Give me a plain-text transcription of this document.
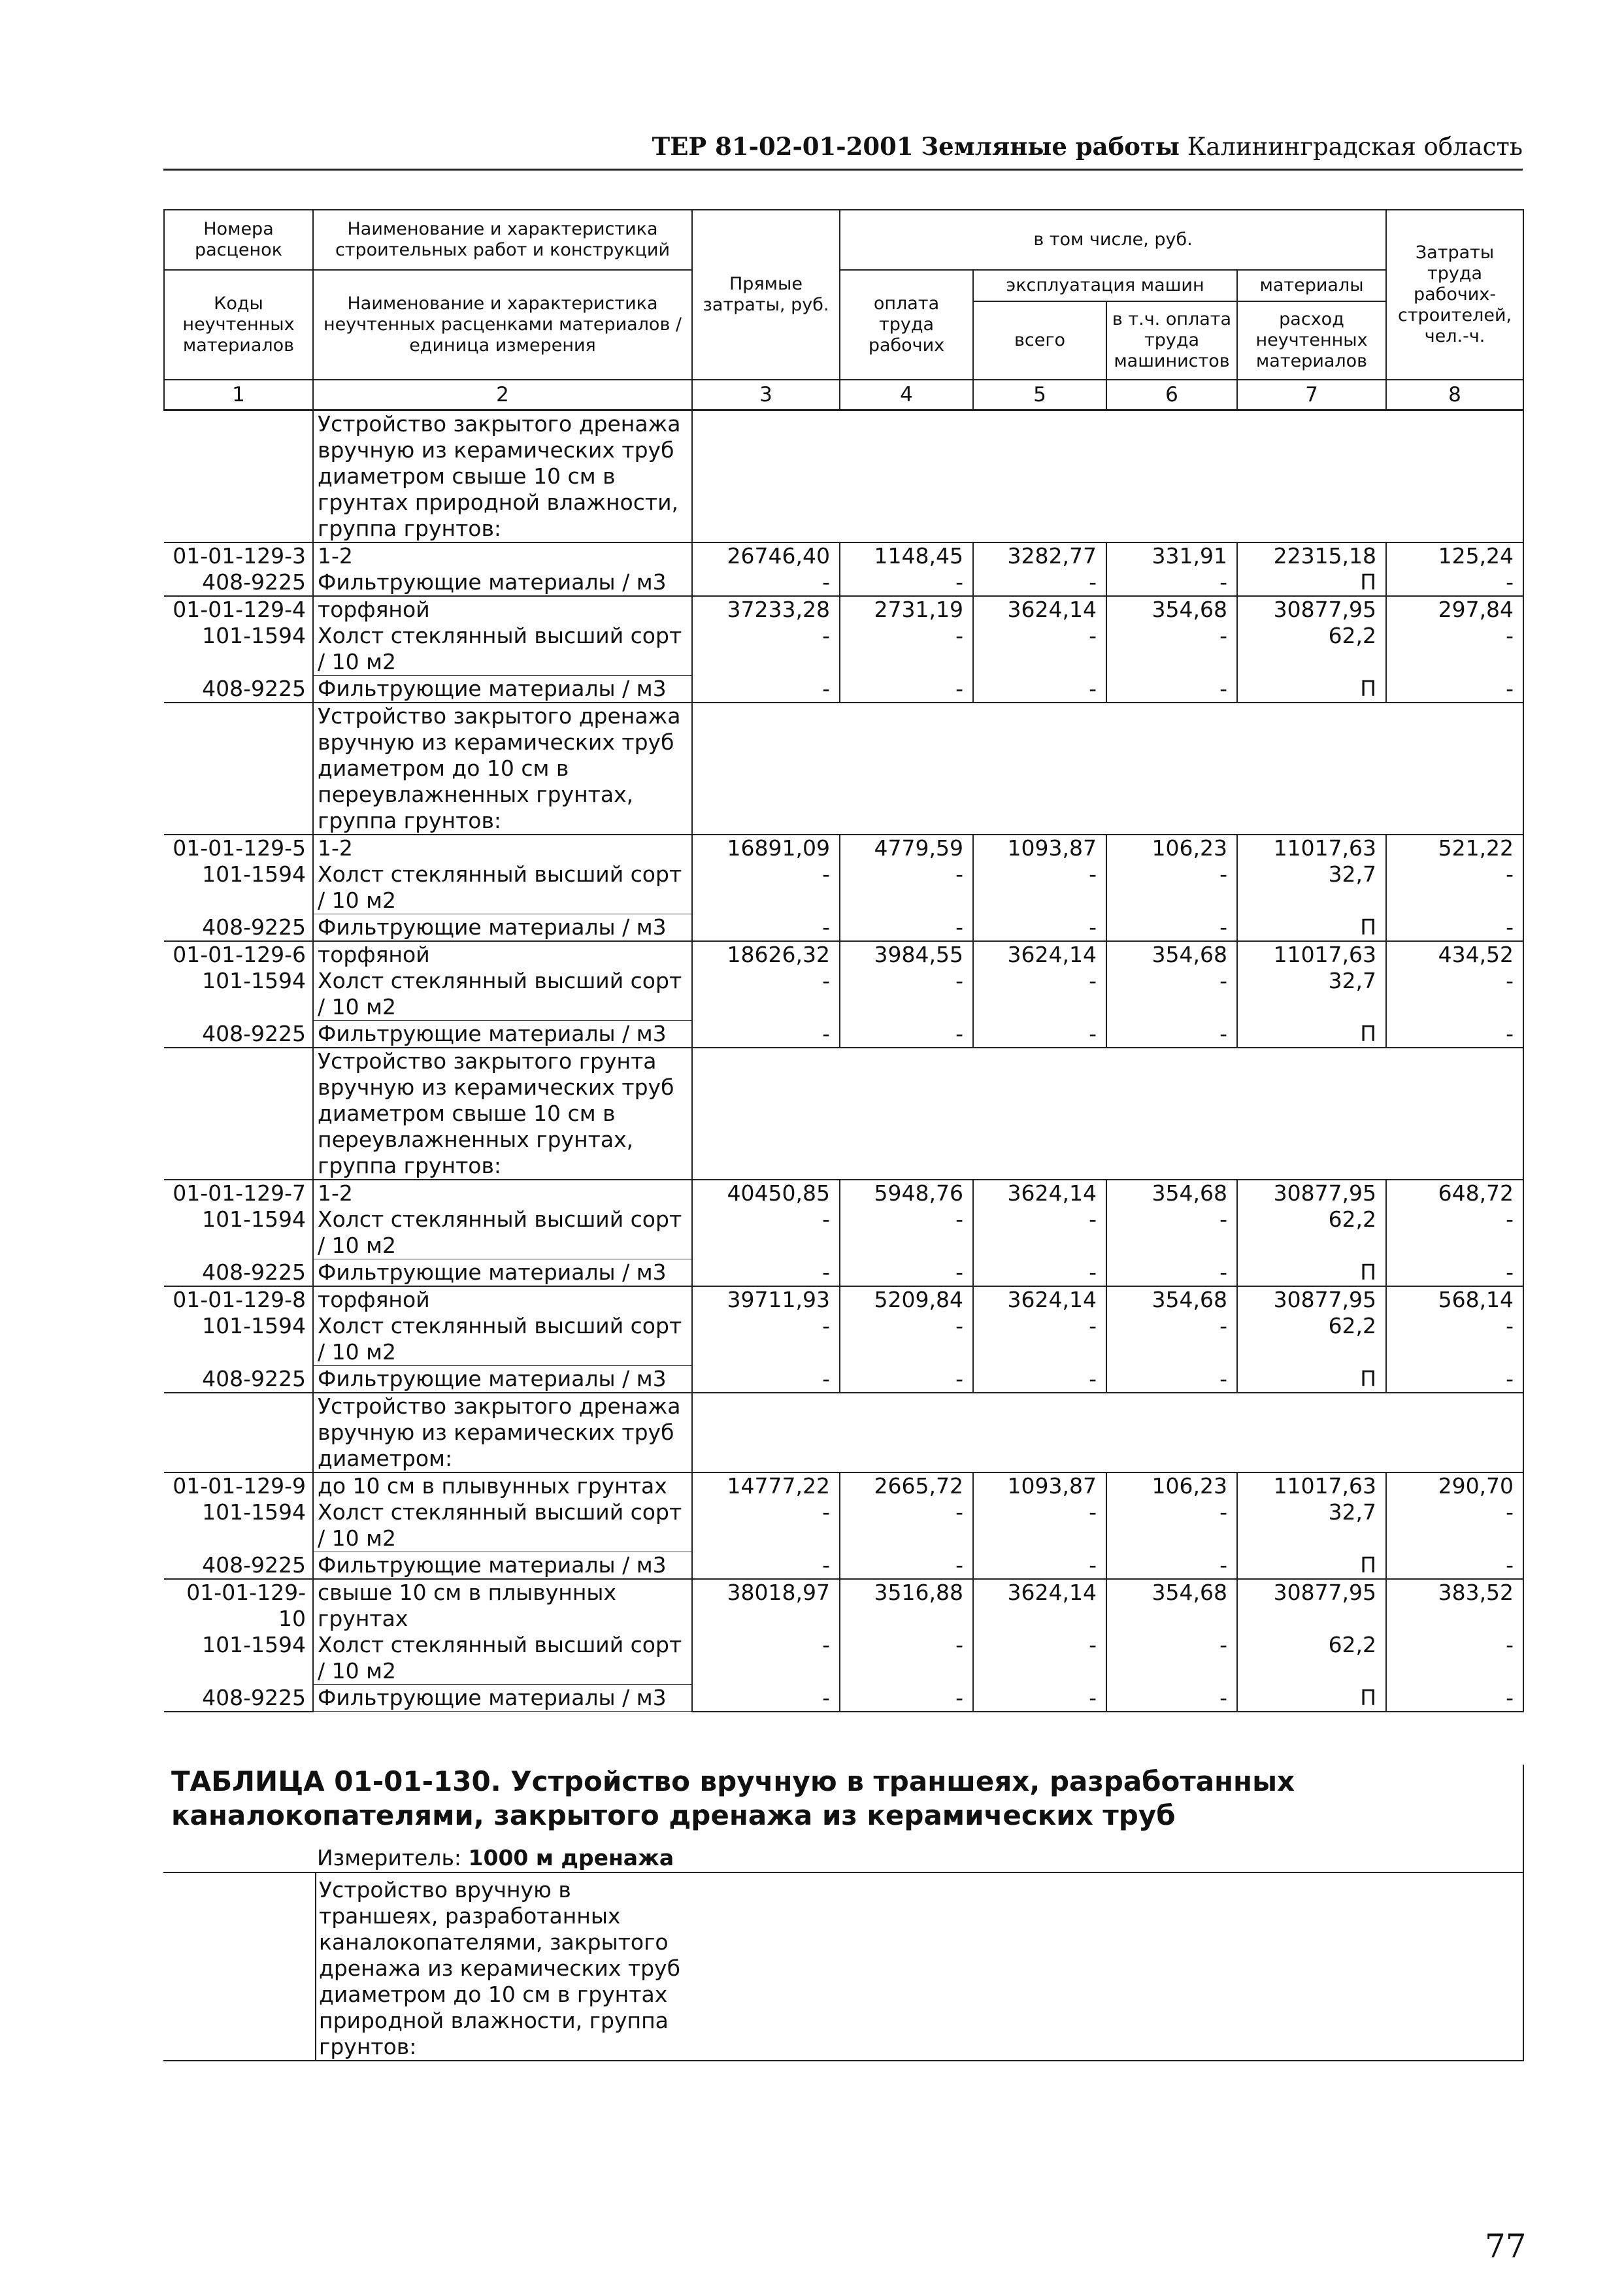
ТЕР 81-02-01-2001 Земляные работы Калининградская область
Номера расценок	Наименование и характеристика строительных работ и конструкций	Прямые затраты, руб.	в том числе, руб.				Затраты труда рабочих-строителей, чел.-ч.
Коды неучтенных материалов	Наименование и характеристика неучтенных расценками материалов / единица измерения		оплата труда рабочих	эксплуатация машин		материалы	
				всего	в т.ч. оплата труда машинистов	расход неучтенных материалов	

1	2	3	4	5	6	7	8
	Устройство закрытого дренажа вручную из керамических труб диаметром свыше 10 см в грунтах природной влажности, группа грунтов:						
01-01-129-3	1-2	26746,40	1148,45	3282,77	331,91	22315,18	125,24
408-9225	Фильтрующие материалы / м3	-	-	-	-	П	-
01-01-129-4	торфяной	37233,28	2731,19	3624,14	354,68	30877,95	297,84
101-1594	Холст стеклянный высший сорт / 10 м2	-	-	-	-	62,2	-
408-9225	Фильтрующие материалы / м3	-	-	-	-	П	-
	Устройство закрытого дренажа вручную из керамических труб диаметром до 10 см в переувлажненных грунтах, группа грунтов:						
01-01-129-5	1-2	16891,09	4779,59	1093,87	106,23	11017,63	521,22
101-1594	Холст стеклянный высший сорт / 10 м2	-	-	-	-	32,7	-
408-9225	Фильтрующие материалы / м3	-	-	-	-	П	-
01-01-129-6	торфяной	18626,32	3984,55	3624,14	354,68	11017,63	434,52
101-1594	Холст стеклянный высший сорт / 10 м2	-	-	-	-	32,7	-
408-9225	Фильтрующие материалы / м3	-	-	-	-	П	-
	Устройство закрытого грунта вручную из керамических труб диаметром свыше 10 см в переувлажненных грунтах, группа грунтов:						
01-01-129-7	1-2	40450,85	5948,76	3624,14	354,68	30877,95	648,72
101-1594	Холст стеклянный высший сорт / 10 м2	-	-	-	-	62,2	-
408-9225	Фильтрующие материалы / м3	-	-	-	-	П	-
01-01-129-8	торфяной	39711,93	5209,84	3624,14	354,68	30877,95	568,14
101-1594	Холст стеклянный высший сорт / 10 м2	-	-	-	-	62,2	-
408-9225	Фильтрующие материалы / м3	-	-	-	-	П	-
	Устройство закрытого дренажа вручную из керамических труб диаметром:						
01-01-129-9	до 10 см в плывунных грунтах	14777,22	2665,72	1093,87	106,23	11017,63	290,70
101-1594	Холст стеклянный высший сорт / 10 м2	-	-	-	-	32,7	-
408-9225	Фильтрующие материалы / м3	-	-	-	-	П	-
01-01-129-10	свыше 10 см в плывунных грунтах	38018,97	3516,88	3624,14	354,68	30877,95	383,52
101-1594	Холст стеклянный высший сорт / 10 м2	-	-	-	-	62,2	-
408-9225	Фильтрующие материалы / м3	-	-	-	-	П	-
ТАБЛИЦА 01-01-130. Устройство вручную в траншеях, разработанных каналокопателями, закрытого дренажа из керамических труб
Измеритель: 1000 м дренажа
Устройство вручную в траншеях, разработанных каналокопателями, закрытого дренажа из керамических труб диаметром до 10 см в грунтах природной влажности, группа грунтов:
77
